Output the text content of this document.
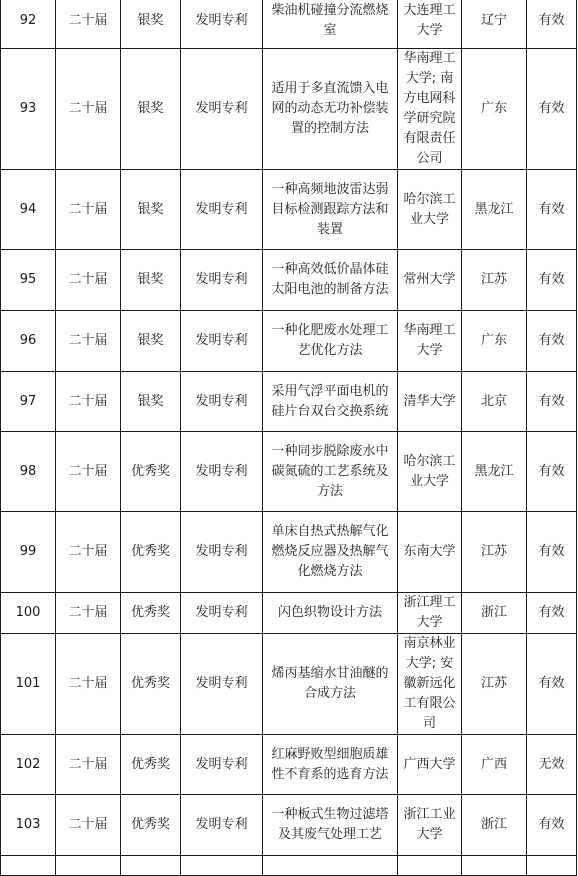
92	二十届	银奖	发明专利	柴油机碰撞分流燃烧室	大连理工大学	辽宁	有效

93	二十届	银奖	发明专利	适用于多直流馈入电网的动态无功补偿装置的控制方法	华南理工大学; 南方电网科学研究院有限责任公司	广东	有效

94	二十届	银奖	发明专利	一种高频地波雷达弱目标检测跟踪方法和装置	哈尔滨工业大学	黑龙江	有效

95	二十届	银奖	发明专利	一种高效低价晶体硅太阳电池的制备方法	常州大学	江苏	有效

96	二十届	银奖	发明专利	一种化肥废水处理工艺优化方法	华南理工大学	广东	有效

97	二十届	银奖	发明专利	采用气浮平面电机的硅片台双台交换系统	清华大学	北京	有效

98	二十届	优秀奖	发明专利	一种同步脱除废水中碳氮硫的工艺系统及方法	哈尔滨工业大学	黑龙江	有效

99	二十届	优秀奖	发明专利	单床自热式热解气化燃烧反应器及热解气化燃烧方法	东南大学	江苏	有效

100	二十届	优秀奖	发明专利	闪色织物设计方法	浙江理工大学	浙江	有效

101	二十届	优秀奖	发明专利	烯丙基缩水甘油醚的合成方法	南京林业大学; 安徽新远化工有限公司	江苏	有效

102	二十届	优秀奖	发明专利	红麻野败型细胞质雄性不育系的选育方法	广西大学	广西	无效

103	二十届	优秀奖	发明专利	一种板式生物过滤塔及其废气处理工艺	浙江工业大学	浙江	有效
